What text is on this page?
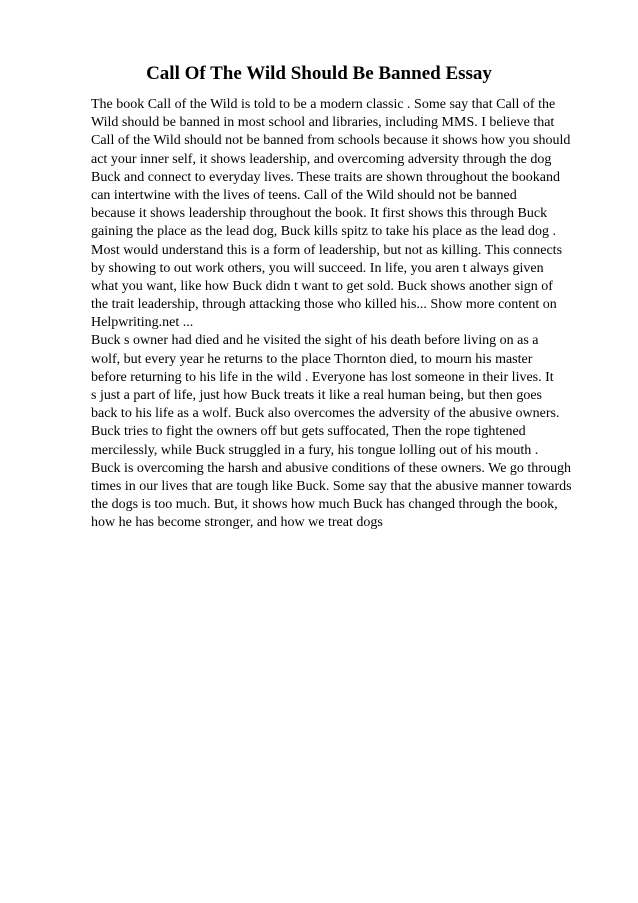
Call Of The Wild Should Be Banned Essay
The book Call of the Wild is told to be a modern classic . Some say that Call of the
Wild should be banned in most school and libraries, including MMS. I believe that
Call of the Wild should not be banned from schools because it shows how you should
act your inner self, it shows leadership, and overcoming adversity through the dog
Buck and connect to everyday lives. These traits are shown throughout the bookand
can intertwine with the lives of teens. Call of the Wild should not be banned
because it shows leadership throughout the book. It first shows this through Buck
gaining the place as the lead dog, Buck kills spitz to take his place as the lead dog .
Most would understand this is a form of leadership, but not as killing. This connects
by showing to out work others, you will succeed. In life, you aren t always given
what you want, like how Buck didn t want to get sold. Buck shows another sign of
the trait leadership, through attacking those who killed his... Show more content on
Helpwriting.net ...
Buck s owner had died and he visited the sight of his death before living on as a
wolf, but every year he returns to the place Thornton died, to mourn his master
before returning to his life in the wild . Everyone has lost someone in their lives. It
s just a part of life, just how Buck treats it like a real human being, but then goes
back to his life as a wolf. Buck also overcomes the adversity of the abusive owners.
Buck tries to fight the owners off but gets suffocated, Then the rope tightened
mercilessly, while Buck struggled in a fury, his tongue lolling out of his mouth .
Buck is overcoming the harsh and abusive conditions of these owners. We go through
times in our lives that are tough like Buck. Some say that the abusive manner towards
the dogs is too much. But, it shows how much Buck has changed through the book,
how he has become stronger, and how we treat dogs
